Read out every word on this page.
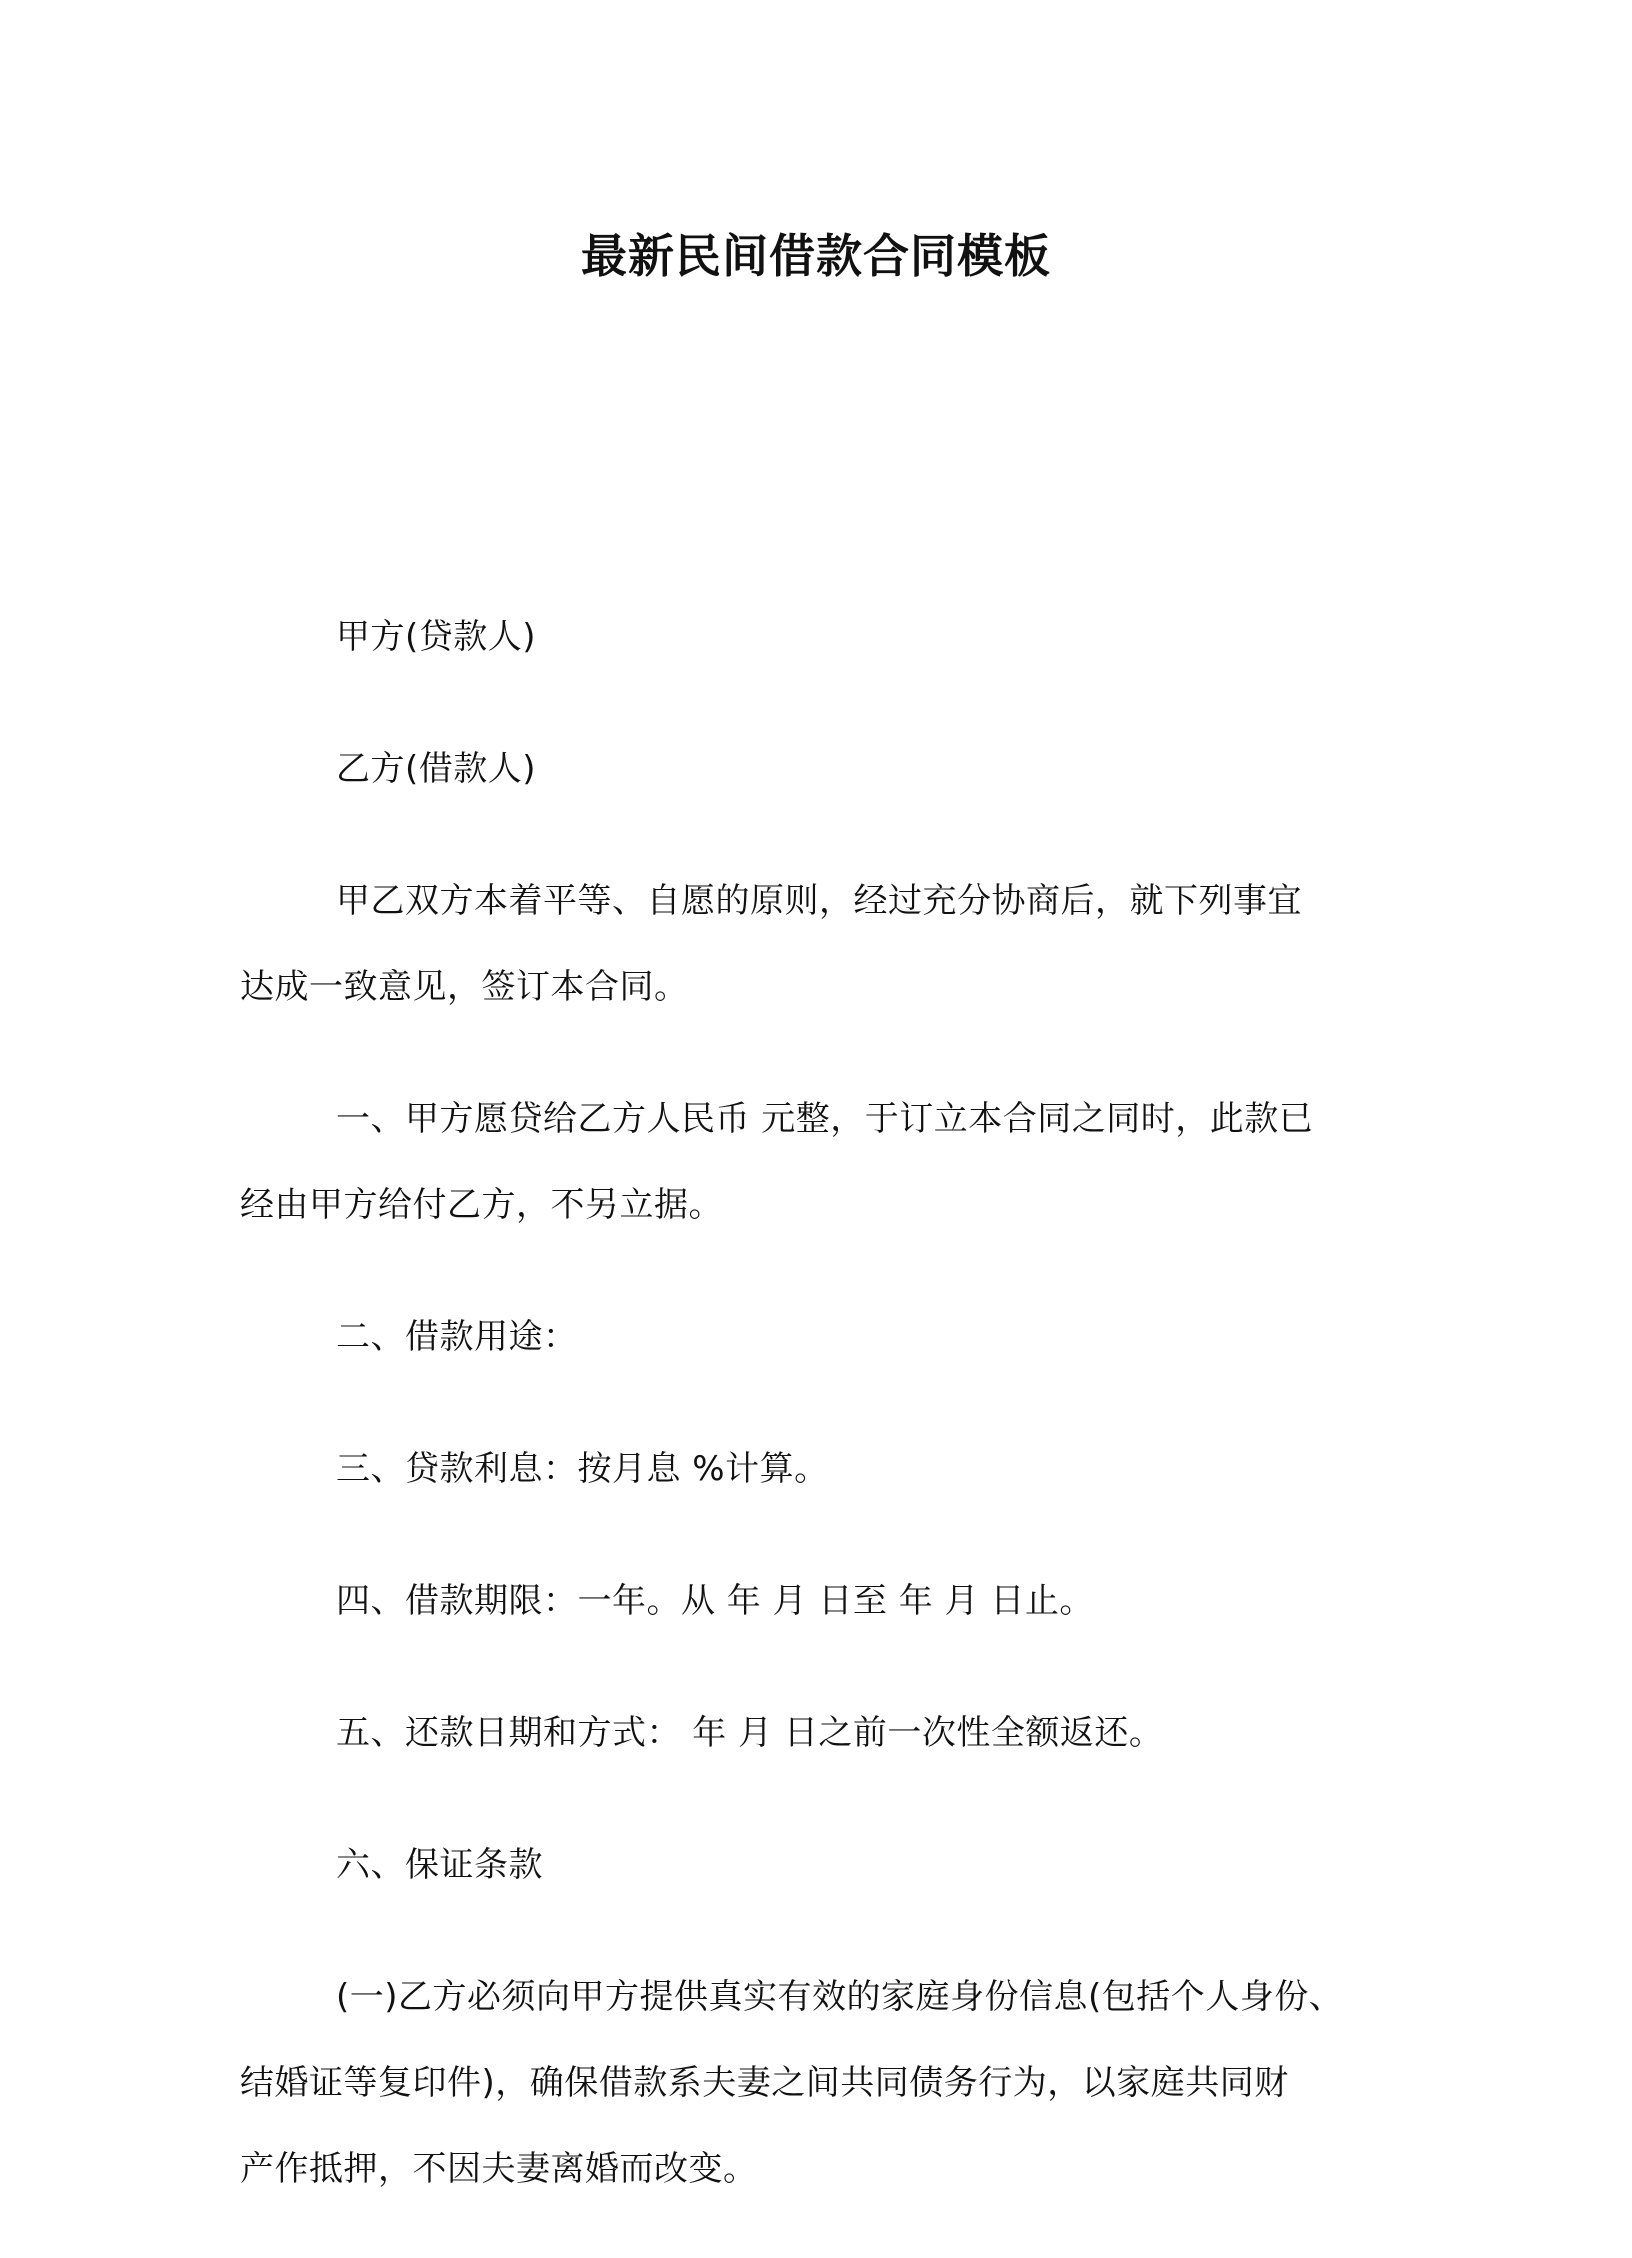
最新民间借款合同模板

甲方(贷款人)

乙方(借款人)

甲乙双方本着平等、自愿的原则，经过充分协商后，就下列事宜
达成一致意见，签订本合同。

一、甲方愿贷给乙方人民币 元整，于订立本合同之同时，此款已
经由甲方给付乙方，不另立据。

二、借款用途：

三、贷款利息：按月息 %计算。

四、借款期限：一年。从 年 月 日至 年 月 日止。

五、还款日期和方式： 年 月 日之前一次性全额返还。

六、保证条款

(一)乙方必须向甲方提供真实有效的家庭身份信息(包括个人身份、
结婚证等复印件)，确保借款系夫妻之间共同债务行为，以家庭共同财
产作抵押，不因夫妻离婚而改变。
